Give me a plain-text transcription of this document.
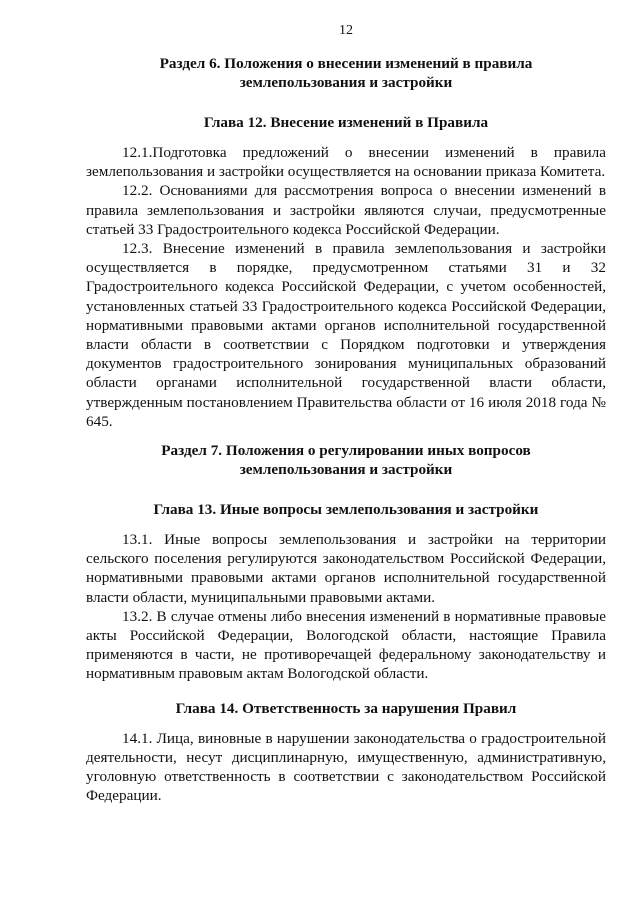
12
Раздел 6. Положения о внесении изменений в правила
землепользования и застройки
Глава 12. Внесение изменений в Правила

12.1.Подготовка предложений о внесении изменений в правила землепользования и застройки осуществляется на основании приказа Комитета.

12.2. Основаниями для рассмотрения вопроса о внесении изменений в правила землепользования и застройки являются случаи, предусмотренные статьей 33 Градостроительного кодекса Российской Федерации.

12.3. Внесение изменений в правила землепользования и застройки осуществляется в порядке, предусмотренном статьями 31 и 32 Градостроительного кодекса Российской Федерации, с учетом особенностей, установленных статьей 33 Градостроительного кодекса Российской Федерации, нормативными правовыми актами органов исполнительной государственной власти области в соответствии с Порядком подготовки и утверждения документов градостроительного зонирования муниципальных образований области органами исполнительной государственной власти области, утвержденным постановлением Правительства области от 16 июля 2018 года № 645.

Раздел 7. Положения о регулировании иных вопросов
землепользования и застройки
Глава 13. Иные вопросы землепользования и застройки

13.1. Иные вопросы землепользования и застройки на территории сельского поселения регулируются законодательством Российской Федерации, нормативными правовыми актами органов исполнительной государственной власти области, муниципальными правовыми актами.

13.2. В случае отмены либо внесения изменений в нормативные правовые акты Российской Федерации, Вологодской области, настоящие Правила применяются в части, не противоречащей федеральному законодательству и нормативным правовым актам Вологодской области.

Глава 14. Ответственность за нарушения Правил

14.1. Лица, виновные в нарушении законодательства о градостроительной деятельности, несут дисциплинарную, имущественную, административную, уголовную ответственность в соответствии с законодательством Российской Федерации.
